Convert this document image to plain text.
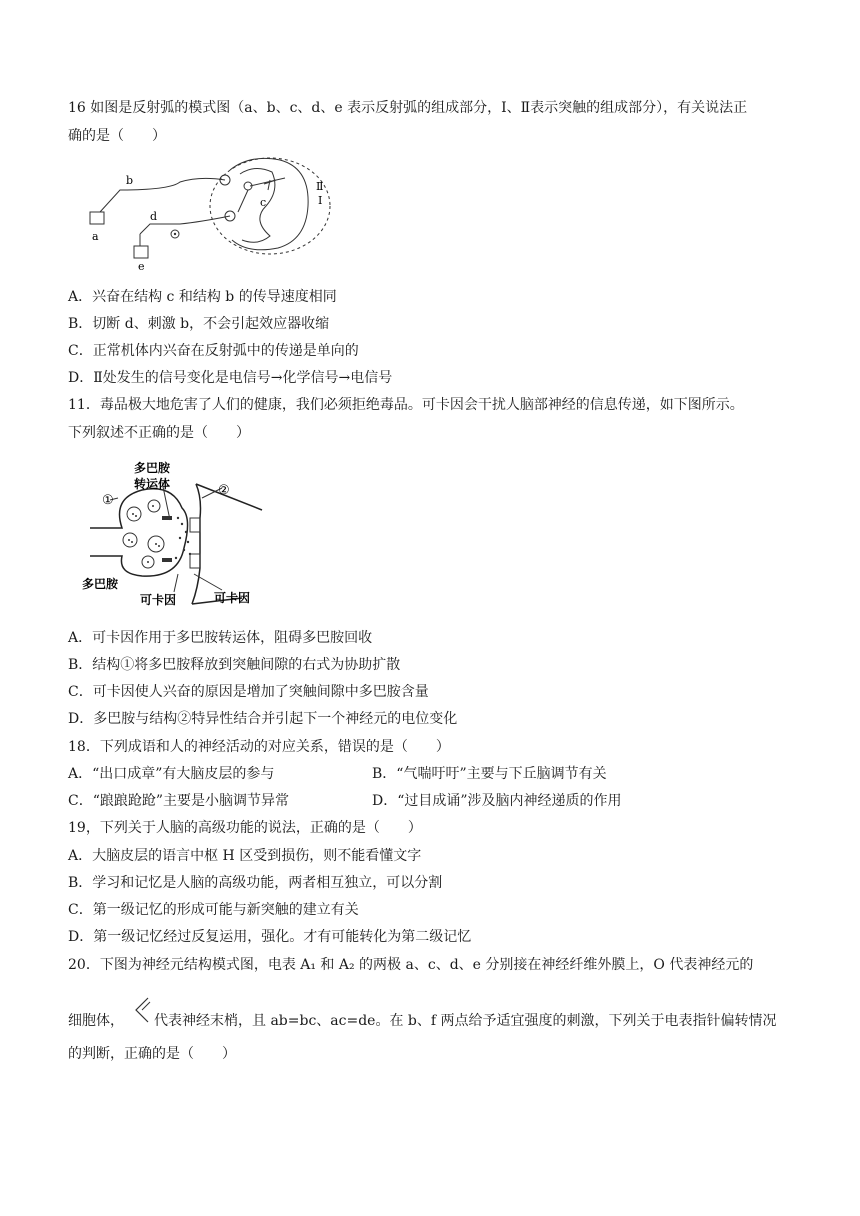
16 如图是反射弧的模式图（a、b、c、d、e 表示反射弧的组成部分，I、Ⅱ表示突触的组成部分），有关说法正
确的是（　　）
a
b
c
d
e
Ⅱ
I
A．兴奋在结构 c 和结构 b 的传导速度相同
B．切断 d、刺激 b，不会引起效应器收缩
C．正常机体内兴奋在反射弧中的传递是单向的
D．Ⅱ处发生的信号变化是电信号→化学信号→电信号
11．毒品极大地危害了人们的健康，我们必须拒绝毒品。可卡因会干扰人脑部神经的信息传递，如下图所示。
下列叙述不正确的是（　　）
多巴胺
转运体
①
②
多巴胺
可卡因	可卡因
A．可卡因作用于多巴胺转运体，阻碍多巴胺回收
B．结构①将多巴胺释放到突触间隙的右式为协助扩散
C．可卡因使人兴奋的原因是增加了突触间隙中多巴胺含量
D．多巴胺与结构②特异性结合并引起下一个神经元的电位变化
18．下列成语和人的神经活动的对应关系，错误的是（　　）
A．“出口成章”有大脑皮层的参与	B．“气喘吁吁”主要与下丘脑调节有关
C．“踉踉跄跄”主要是小脑调节异常	D．“过目成诵”涉及脑内神经递质的作用
19，下列关于人脑的高级功能的说法，正确的是（　　）
A．大脑皮层的语言中枢 H 区受到损伤，则不能看懂文字
B．学习和记忆是人脑的高级功能，两者相互独立，可以分割
C．第一级记忆的形成可能与新突触的建立有关
D．第一级记忆经过反复运用，强化。才有可能转化为第二级记忆
20．下图为神经元结构模式图，电表 A₁ 和 A₂ 的两极 a、c、d、e 分别接在神经纤维外膜上，O 代表神经元的
细胞体， 代表神经末梢，且 ab=bc、ac=de。在 b、f 两点给予适宜强度的刺激，下列关于电表指针偏转情况
的判断，正确的是（　　）
